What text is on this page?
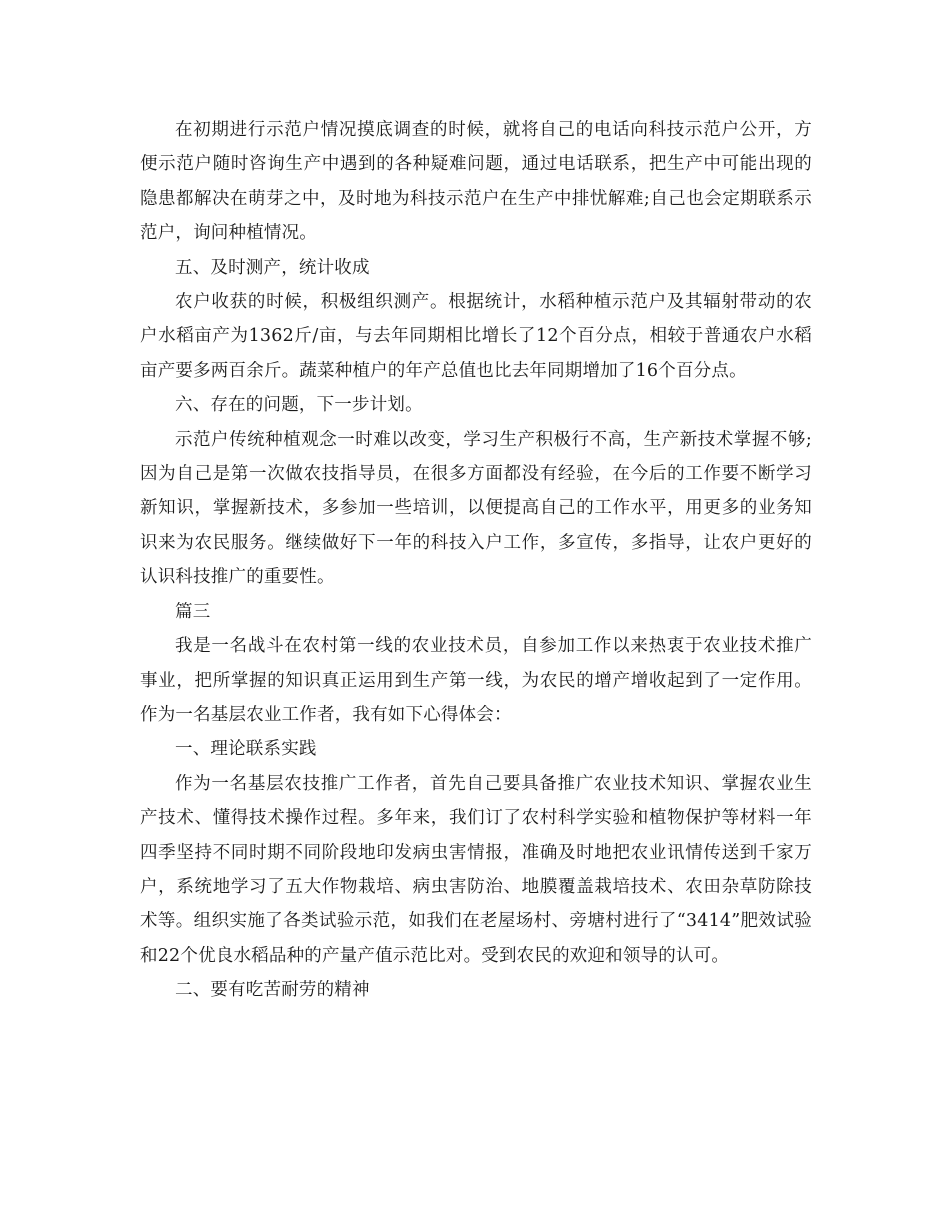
在初期进行示范户情况摸底调查的时候，就将自己的电话向科技示范户公开，方便示范户随时咨询生产中遇到的各种疑难问题，通过电话联系，把生产中可能出现的隐患都解决在萌芽之中，及时地为科技示范户在生产中排忧解难;自己也会定期联系示范户，询问种植情况。

五、及时测产，统计收成

农户收获的时候，积极组织测产。根据统计，水稻种植示范户及其辐射带动的农户水稻亩产为1362斤/亩，与去年同期相比增长了12个百分点，相较于普通农户水稻亩产要多两百余斤。蔬菜种植户的年产总值也比去年同期增加了16个百分点。

六、存在的问题，下一步计划。

示范户传统种植观念一时难以改变，学习生产积极行不高，生产新技术掌握不够;因为自己是第一次做农技指导员，在很多方面都没有经验，在今后的工作要不断学习新知识，掌握新技术，多参加一些培训，以便提高自己的工作水平，用更多的业务知识来为农民服务。继续做好下一年的科技入户工作，多宣传，多指导，让农户更好的认识科技推广的重要性。

篇三

我是一名战斗在农村第一线的农业技术员，自参加工作以来热衷于农业技术推广事业，把所掌握的知识真正运用到生产第一线，为农民的增产增收起到了一定作用。作为一名基层农业工作者，我有如下心得体会：

一、理论联系实践

作为一名基层农技推广工作者，首先自己要具备推广农业技术知识、掌握农业生产技术、懂得技术操作过程。多年来，我们订了农村科学实验和植物保护等材料一年四季坚持不同时期不同阶段地印发病虫害情报，准确及时地把农业讯情传送到千家万户，系统地学习了五大作物栽培、病虫害防治、地膜覆盖栽培技术、农田杂草防除技术等。组织实施了各类试验示范，如我们在老屋场村、旁塘村进行了“3414”肥效试验和22个优良水稻品种的产量产值示范比对。受到农民的欢迎和领导的认可。

二、要有吃苦耐劳的精神
